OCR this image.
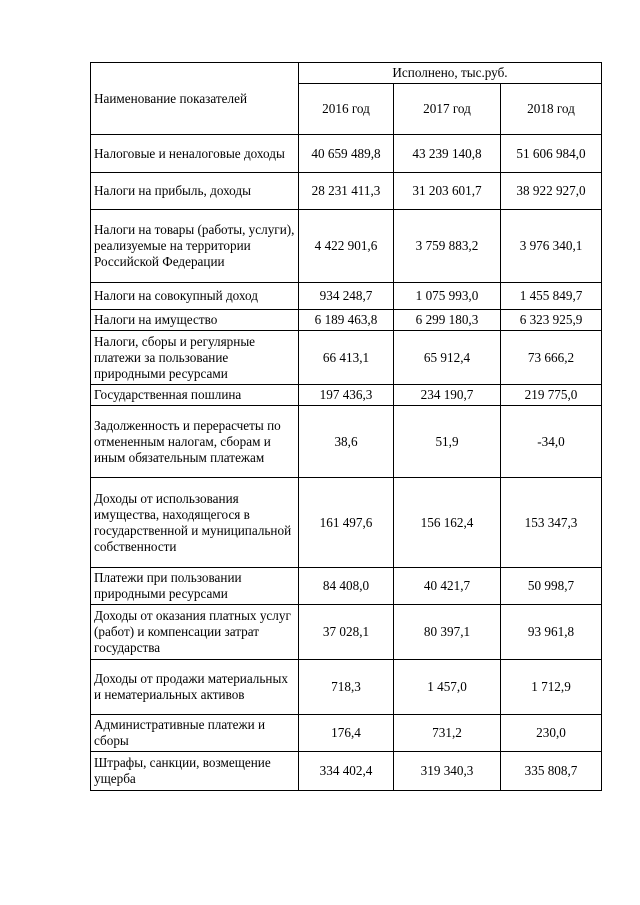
Наименование показателей	Исполнено, тыс.руб.		
	2016 год	2017 год	2018 год
Налоговые и неналоговые доходы	40 659 489,8	43 239 140,8	51 606 984,0
Налоги на прибыль, доходы	28 231 411,3	31 203 601,7	38 922 927,0
Налоги на товары (работы, услуги), реализуемые на территории Российской Федерации	4 422 901,6	3 759 883,2	3 976 340,1
Налоги на совокупный доход	934 248,7	1 075 993,0	1 455 849,7
Налоги на имущество	6 189 463,8	6 299 180,3	6 323 925,9
Налоги, сборы и регулярные платежи за пользование природными ресурсами	66 413,1	65 912,4	73 666,2
Государственная пошлина	197 436,3	234 190,7	219 775,0
Задолженность и перерасчеты по отмененным налогам, сборам и иным обязательным платежам	38,6	51,9	-34,0
Доходы от использования имущества, находящегося в государственной и муниципальной собственности	161 497,6	156 162,4	153 347,3
Платежи при пользовании природными ресурсами	84 408,0	40 421,7	50 998,7
Доходы от оказания платных услуг (работ) и компенсации затрат государства	37 028,1	80 397,1	93 961,8
Доходы от продажи материальных и нематериальных активов	718,3	1 457,0	1 712,9
Административные платежи и сборы	176,4	731,2	230,0
Штрафы, санкции, возмещение ущерба	334 402,4	319 340,3	335 808,7
